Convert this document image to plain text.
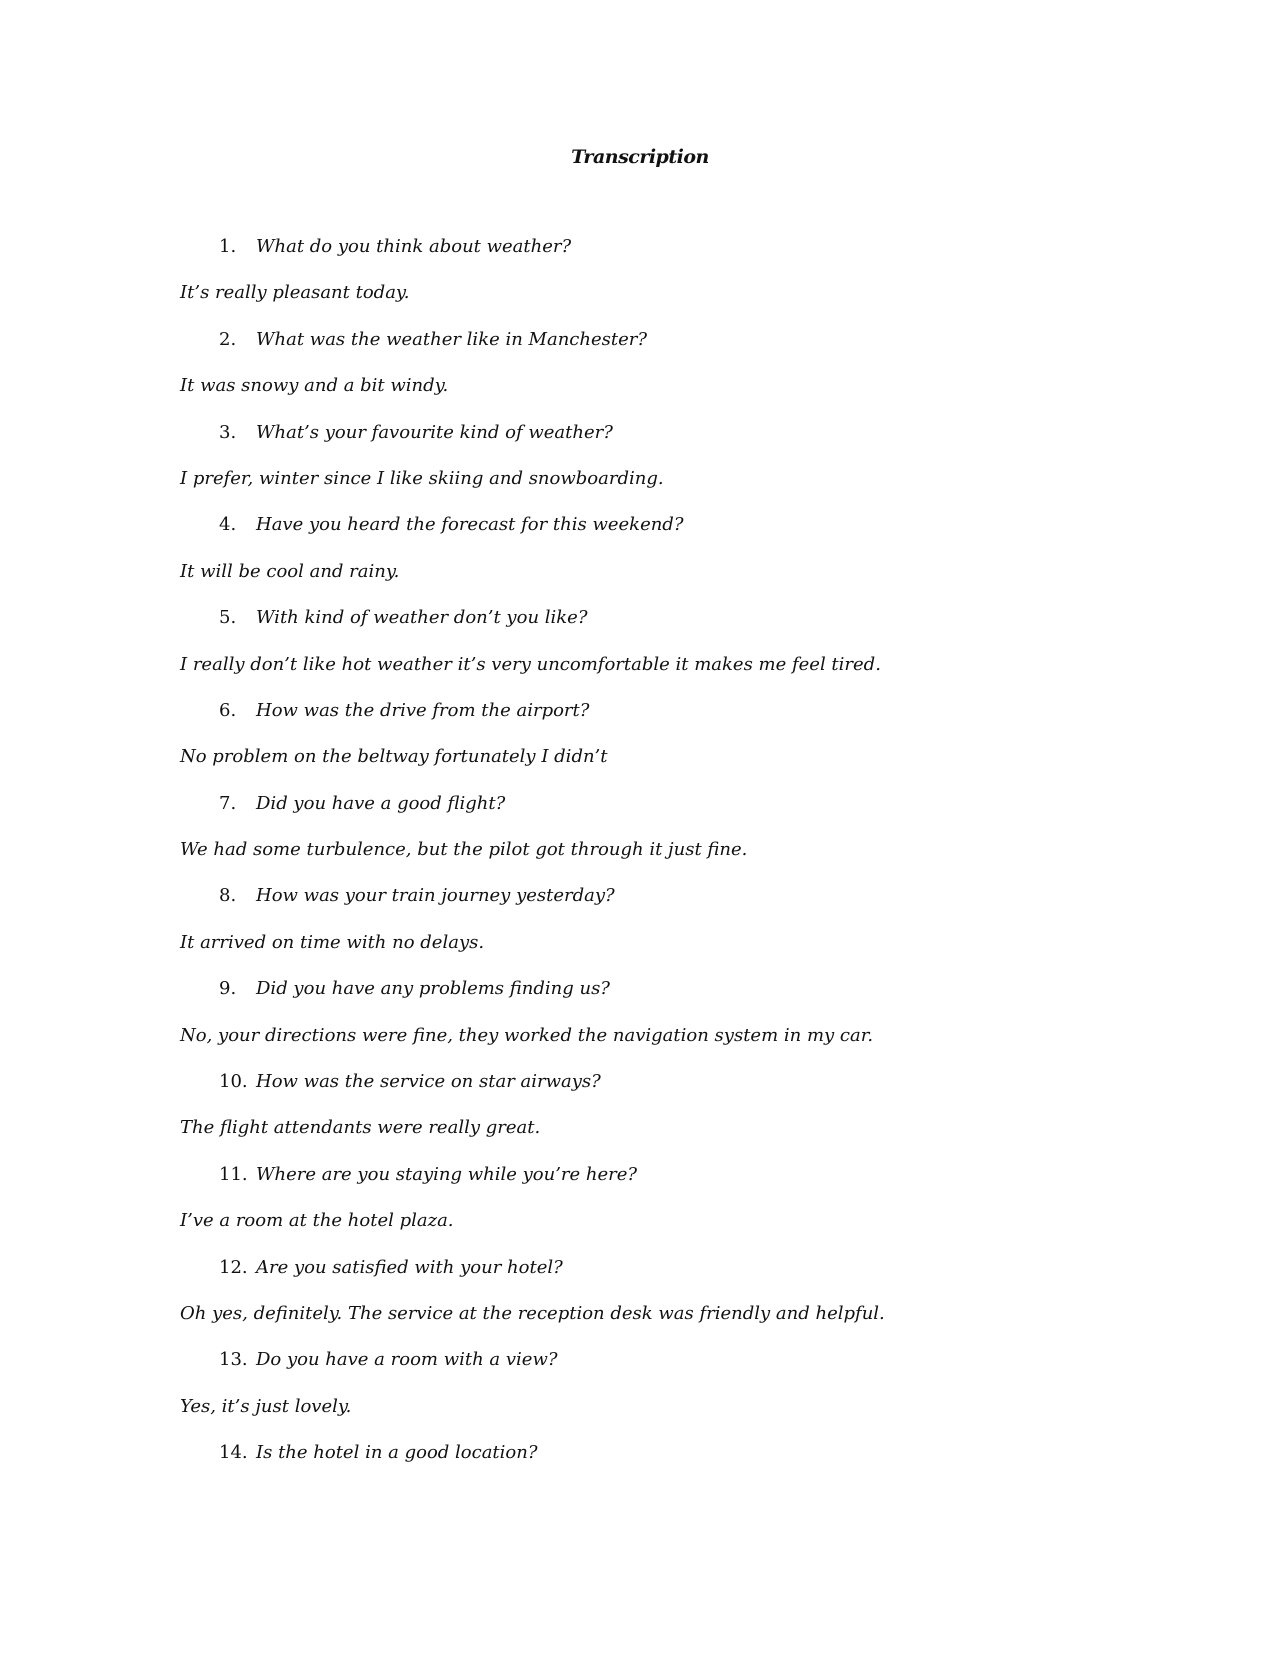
Transcription
1. What do you think about weather?
It’s really pleasant today.
2. What was the weather like in Manchester?
It was snowy and a bit windy.
3. What’s your favourite kind of weather?
I prefer, winter since I like skiing and snowboarding.
4. Have you heard the forecast for this weekend?
It will be cool and rainy.
5. With kind of weather don’t you like?
I really don’t like hot weather it’s very uncomfortable it makes me feel tired.
6. How was the drive from the airport?
No problem on the beltway fortunately I didn’t
7. Did you have a good flight?
We had some turbulence, but the pilot got through it just fine.
8. How was your train journey yesterday?
It arrived on time with no delays.
9. Did you have any problems finding us?
No, your directions were fine, they worked the navigation system in my car.
10. How was the service on star airways?
The flight attendants were really great.
11. Where are you staying while you’re here?
I’ve a room at the hotel plaza.
12. Are you satisfied with your hotel?
Oh yes, definitely. The service at the reception desk was friendly and helpful.
13. Do you have a room with a view?
Yes, it’s just lovely.
14. Is the hotel in a good location?
